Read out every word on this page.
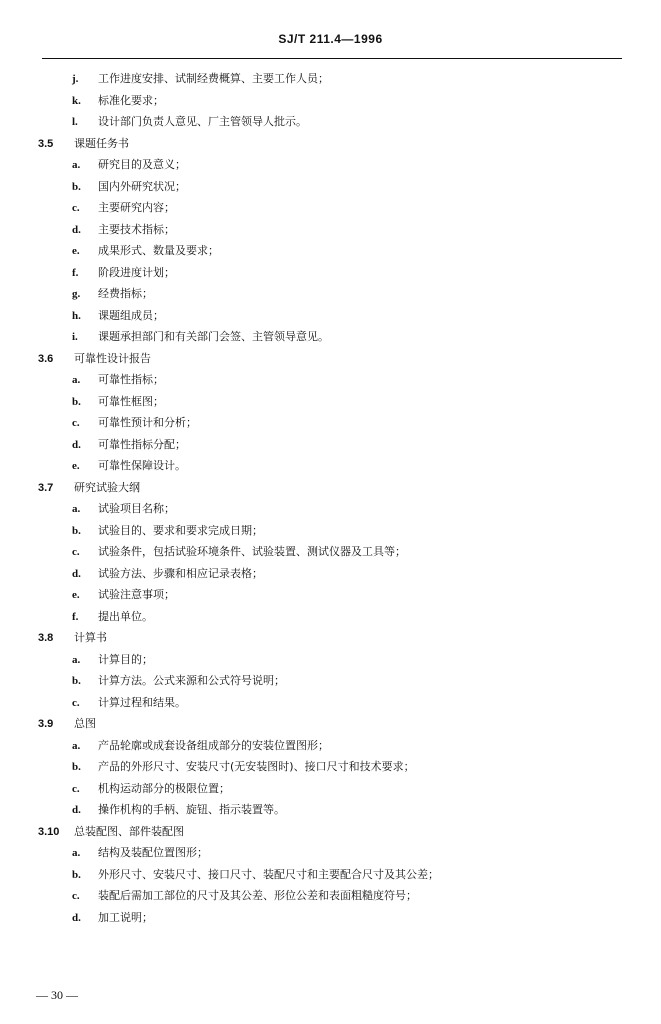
SJ/T 211.4—1996
j. 工作进度安排、试制经费概算、主要工作人员；
k. 标准化要求；
l. 设计部门负责人意见、厂主管领导人批示。
3.5 课题任务书
a. 研究目的及意义；
b. 国内外研究状况；
c. 主要研究内容；
d. 主要技术指标；
e. 成果形式、数量及要求；
f. 阶段进度计划；
g. 经费指标；
h. 课题组成员；
i. 课题承担部门和有关部门会签、主管领导意见。
3.6 可靠性设计报告
a. 可靠性指标；
b. 可靠性框图；
c. 可靠性预计和分析；
d. 可靠性指标分配；
e. 可靠性保障设计。
3.7 研究试验大纲
a. 试验项目名称；
b. 试验目的、要求和要求完成日期；
c. 试验条件，包括试验环境条件、试验装置、测试仪器及工具等；
d. 试验方法、步骤和相应记录表格；
e. 试验注意事项；
f. 提出单位。
3.8 计算书
a. 计算目的；
b. 计算方法。公式来源和公式符号说明；
c. 计算过程和结果。
3.9 总图
a. 产品轮廓或成套设备组成部分的安装位置图形；
b. 产品的外形尺寸、安装尺寸(无安装图时)、接口尺寸和技术要求；
c. 机构运动部分的极限位置；
d. 操作机构的手柄、旋钮、指示装置等。
3.10 总装配图、部件装配图
a. 结构及装配位置图形；
b. 外形尺寸、安装尺寸、接口尺寸、装配尺寸和主要配合尺寸及其公差；
c. 装配后需加工部位的尺寸及其公差、形位公差和表面粗糙度符号；
d. 加工说明；
— 30 —
